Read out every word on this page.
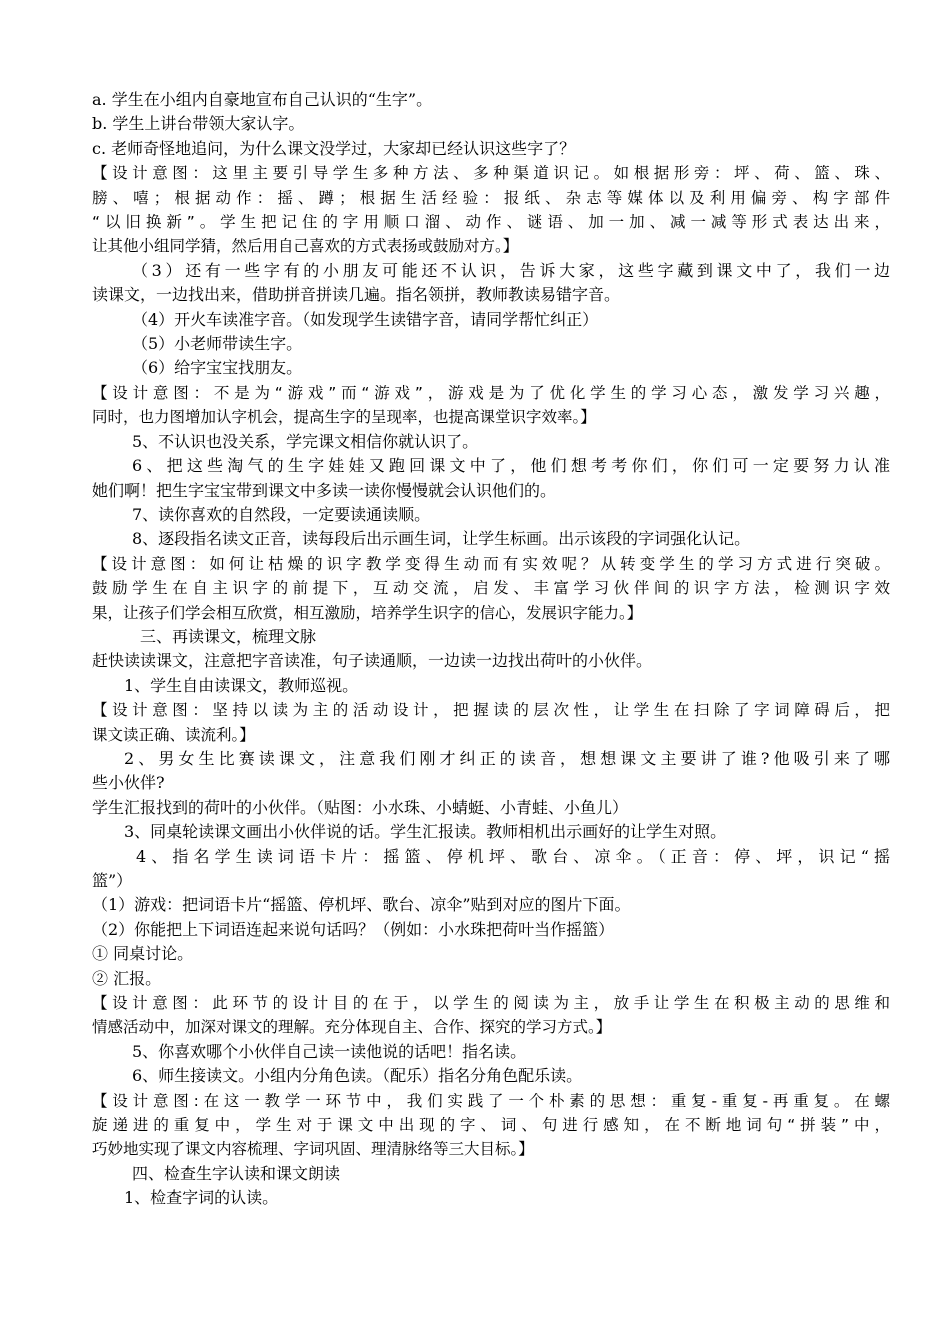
a. 学生在小组内自豪地宣布自己认识的“生字”。
b. 学生上讲台带领大家认字。
c. 老师奇怪地追问，为什么课文没学过，大家却已经认识这些字了？
【设计意图：这里主要引导学生多种方法、多种渠道识记。如根据形旁：坪、荷、篮、珠、
膀、嘻；根据动作：摇、蹲；根据生活经验：报纸、杂志等媒体以及利用偏旁、构字部件
“以旧换新”。学生把记住的字用顺口溜、动作、谜语、加一加、减一减等形式表达出来，
让其他小组同学猜，然后用自己喜欢的方式表扬或鼓励对方。】
（3）还有一些字有的小朋友可能还不认识，告诉大家，这些字藏到课文中了，我们一边
读课文，一边找出来，借助拼音拼读几遍。指名领拼，教师教读易错字音。
（4）开火车读准字音。（如发现学生读错字音，请同学帮忙纠正）
（5）小老师带读生字。
（6）给字宝宝找朋友。
【设计意图：不是为“游戏”而“游戏”，游戏是为了优化学生的学习心态，激发学习兴趣，
同时，也力图增加认字机会，提高生字的呈现率，也提高课堂识字效率。】
5、不认识也没关系，学完课文相信你就认识了。
6、把这些淘气的生字娃娃又跑回课文中了，他们想考考你们，你们可一定要努力认准
她们啊！把生字宝宝带到课文中多读一读你慢慢就会认识他们的。
7、读你喜欢的自然段，一定要读通读顺。
8、逐段指名读文正音，读每段后出示画生词，让学生标画。出示该段的字词强化认记。
【设计意图：如何让枯燥的识字教学变得生动而有实效呢？从转变学生的学习方式进行突破。
鼓励学生在自主识字的前提下，互动交流，启发、丰富学习伙伴间的识字方法，检测识字效
果，让孩子们学会相互欣赏，相互激励，培养学生识字的信心，发展识字能力。】
三、再读课文，梳理文脉
赶快读读课文，注意把字音读准，句子读通顺，一边读一边找出荷叶的小伙伴。
1、学生自由读课文，教师巡视。
【设计意图：坚持以读为主的活动设计，把握读的层次性，让学生在扫除了字词障碍后，把
课文读正确、读流利。】
2、男女生比赛读课文，注意我们刚才纠正的读音，想想课文主要讲了谁?他吸引来了哪
些小伙伴?
学生汇报找到的荷叶的小伙伴。（贴图：小水珠、小蜻蜓、小青蛙、小鱼儿）
3、同桌轮读课文画出小伙伴说的话。学生汇报读。教师相机出示画好的让学生对照。
4、指名学生读词语卡片：摇篮、停机坪、歌台、凉伞。（正音：停、坪，识记“摇
篮”）
（1）游戏：把词语卡片“摇篮、停机坪、歌台、凉伞”贴到对应的图片下面。
（2）你能把上下词语连起来说句话吗？（例如：小水珠把荷叶当作摇篮）
① 同桌讨论。
② 汇报。
【设计意图：此环节的设计目的在于，以学生的阅读为主，放手让学生在积极主动的思维和
情感活动中，加深对课文的理解。充分体现自主、合作、探究的学习方式。】
5、你喜欢哪个小伙伴自己读一读他说的话吧！指名读。
6、师生接读文。小组内分角色读。（配乐）指名分角色配乐读。
【设计意图:在这一教学一环节中，我们实践了一个朴素的思想：重复-重复-再重复。在螺
旋递进的重复中，学生对于课文中出现的字、词、句进行感知，在不断地词句“拼装”中，
巧妙地实现了课文内容梳理、字词巩固、理清脉络等三大目标。】
四、检查生字认读和课文朗读
1、检查字词的认读。
